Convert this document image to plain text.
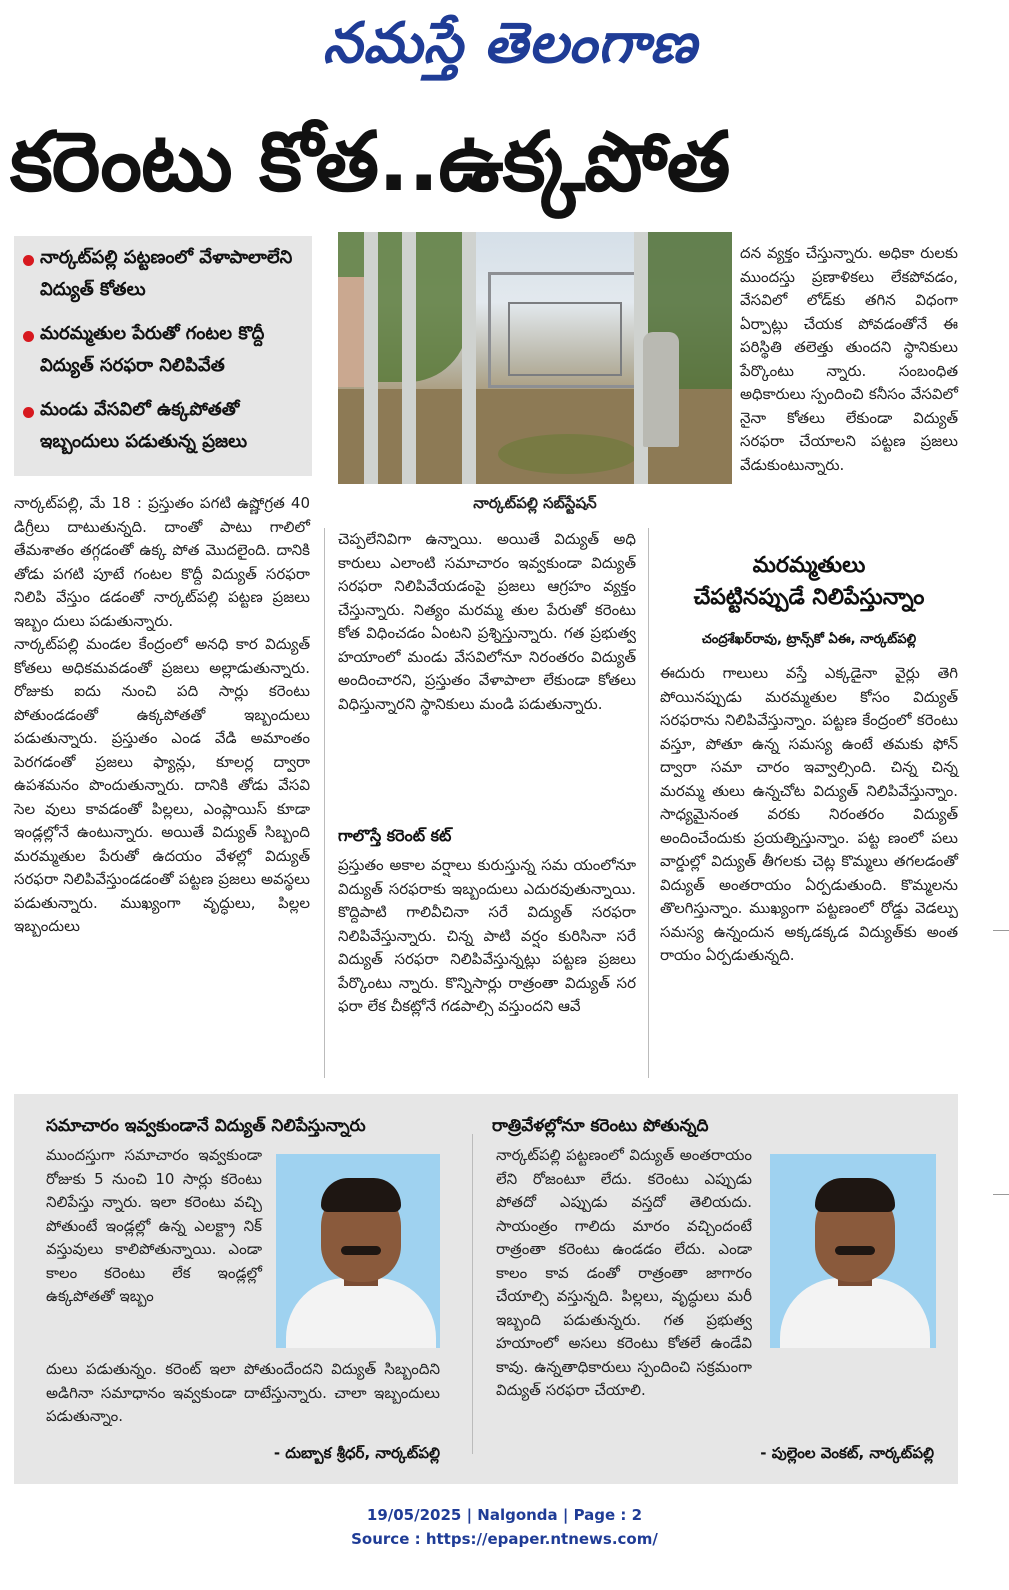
నమస్తే తెలంగాణ
కరెంటు కోత..ఉక్కపోత
నార్కట్‌పల్లి పట్టణంలో వేళాపాలాలేని విద్యుత్‌ కోతలు
మరమ్మతుల పేరుతో గంటల కొద్దీ విద్యుత్‌ సరఫరా నిలిపివేత
మండు వేసవిలో ఉక్కపోతతో ఇబ్బందులు పడుతున్న ప్రజలు
నార్కట్‌పల్లి సబ్‌స్టేషన్‌

నార్కట్‌పల్లి, మే 18 : ప్రస్తుతం పగటి ఉష్ణోగ్రత 40 డిగ్రీలు దాటుతున్నది. దాంతో పాటు గాలిలో తేమశాతం తగ్గడంతో ఉక్క పోత మొదలైంది. దానికి తోడు పగటి పూటే గంటల కొద్దీ విద్యుత్‌ సరఫరా నిలిపి వేస్తుం డడంతో నార్కట్‌పల్లి పట్టణ ప్రజలు ఇబ్బం దులు పడుతున్నారు.

నార్కట్‌పల్లి మండల కేంద్రంలో అనధి కార విద్యుత్‌ కోతలు అధికమవడంతో ప్రజలు అల్లాడుతున్నారు. రోజుకు ఐదు నుంచి పది సార్లు కరెంటు పోతుండడంతో ఉక్కపోతతో ఇబ్బందులు పడుతున్నారు. ప్రస్తుతం ఎండ వేడి అమాంతం పెరగడంతో ప్రజలు ఫ్యాన్లు, కూలర్ల ద్వారా ఉపశమనం పొందుతున్నారు. దానికి తోడు వేసవి సెల వులు కావడంతో పిల్లలు, ఎంప్లాయిస్‌ కూడా ఇండ్లల్లోనే ఉంటున్నారు. అయితే విద్యుత్‌ సిబ్బంది మరమ్మతుల పేరుతో ఉదయం వేళల్లో విద్యుత్‌ సరఫరా నిలిపివేస్తుండడంతో పట్టణ ప్రజలు అవస్థలు పడుతున్నారు. ముఖ్యంగా వృద్ధులు, పిల్లల ఇబ్బందులు

చెప్పలేనివిగా ఉన్నాయి. అయితే విద్యుత్‌ అధి కారులు ఎలాంటి సమాచారం ఇవ్వకుండా విద్యుత్‌ సరఫరా నిలిపివేయడంపై ప్రజలు ఆగ్రహం వ్యక్తం చేస్తున్నారు. నిత్యం మరమ్మ తుల పేరుతో కరెంటు కోత విధించడం ఏంటని ప్రశ్నిస్తున్నారు. గత ప్రభుత్వ హయాంలో మండు వేసవిలోనూ నిరంతరం విద్యుత్‌ అందించారని, ప్రస్తుతం వేళాపాలా లేకుండా కోతలు విధిస్తున్నారని స్థానికులు మండి పడుతున్నారు.
గాలొస్తే కరెంట్‌ కట్‌
ప్రస్తుతం అకాల వర్షాలు కురుస్తున్న సమ యంలోనూ విద్యుత్‌ సరఫరాకు ఇబ్బందులు ఎదురవుతున్నాయి. కొద్దిపాటి గాలివీచినా సరే విద్యుత్‌ సరఫరా నిలిపివేస్తున్నారు. చిన్న పాటి వర్షం కురిసినా సరే విద్యుత్‌ సరఫరా నిలిపివేస్తున్నట్లు పట్టణ ప్రజలు పేర్కొంటు న్నారు. కొన్నిసార్లు రాత్రంతా విద్యుత్‌ సర ఫరా లేక చీకట్లోనే గడపాల్సి వస్తుందని ఆవే
దన వ్యక్తం చేస్తున్నారు. అధికా రులకు ముందస్తు ప్రణాళికలు లేకపోవడం, వేసవిలో లోడ్‌కు తగిన విధంగా ఏర్పాట్లు చేయక పోవడంతోనే ఈ పరిస్థితి తలెత్తు తుందని స్థానికులు పేర్కొంటు న్నారు. సంబంధిత అధికారులు స్పందించి కనీసం వేసవిలో నైనా కోతలు లేకుండా విద్యుత్‌ సరఫరా చేయాలని పట్టణ ప్రజలు వేడుకుంటున్నారు.
మరమ్మతులు
చేపట్టినప్పుడే నిలిపేస్తున్నాం
చంద్రశేఖర్‌రావు, ట్రాన్స్‌కో ఏఈ, నార్కట్‌పల్లి
ఈదురు గాలులు వస్తే ఎక్కడైనా వైర్లు తెగి పోయినప్పుడు మరమ్మతుల కోసం విద్యుత్‌ సరఫరాను నిలిపివేస్తున్నాం. పట్టణ కేంద్రంలో కరెంటు వస్తూ, పోతూ ఉన్న సమస్య ఉంటే తమకు ఫోన్‌ ద్వారా సమా చారం ఇవ్వాల్సింది. చిన్న చిన్న మరమ్మ తులు ఉన్నచోట విద్యుత్‌ నిలిపివేస్తున్నాం. సాధ్యమైనంత వరకు నిరంతరం విద్యుత్‌ అందించేందుకు ప్రయత్నిస్తున్నాం. పట్ట ణంలో పలు వార్డుల్లో విద్యుత్‌ తీగలకు చెట్ల కొమ్మలు తగలడంతో విద్యుత్‌ అంతరాయం ఏర్పడుతుంది. కొమ్మలను తొలగిస్తున్నాం. ముఖ్యంగా పట్టణంలో రోడ్డు వెడల్పు సమస్య ఉన్నందున అక్కడక్కడ విద్యుత్‌కు అంత రాయం ఏర్పడుతున్నది.
సమాచారం ఇవ్వకుండానే విద్యుత్‌ నిలిపేస్తున్నారు
ముందస్తుగా సమాచారం ఇవ్వకుండా రోజుకు 5 నుంచి 10 సార్లు కరెంటు నిలిపేస్తు న్నారు. ఇలా కరెంటు వచ్చి పోతుంటే ఇండ్లల్లో ఉన్న ఎలక్ట్రా నిక్‌ వస్తువులు కాలిపోతున్నాయి. ఎండా కాలం కరెంటు లేక ఇండ్లల్లో ఉక్కపోతతో ఇబ్బం
దులు పడుతున్నం. కరెంట్‌ ఇలా పోతుందేందని విద్యుత్‌ సిబ్బందిని అడిగినా సమాధానం ఇవ్వకుండా దాటేస్తున్నారు. చాలా ఇబ్బందులు పడుతున్నాం.
- దుబ్బాక శ్రీధర్‌, నార్కట్‌పల్లి
రాత్రివేళల్లోనూ కరెంటు పోతున్నది
నార్కట్‌పల్లి పట్టణంలో విద్యుత్‌ అంతరాయం లేని రోజంటూ లేదు. కరెంటు ఎప్పుడు పోతదో ఎప్పుడు వస్తదో తెలియదు. సాయంత్రం గాలిదు మారం వచ్చిందంటే రాత్రంతా కరెంటు ఉండడం లేదు. ఎండా కాలం కావ డంతో రాత్రంతా జాగారం చేయాల్సి వస్తున్నది. పిల్లలు, వృద్ధులు మరీ ఇబ్బంది పడుతున్నరు. గత ప్రభుత్వ హయాంలో అసలు కరెంటు కోతలే ఉండేవి కావు. ఉన్నతాధికారులు స్పందించి సక్రమంగా విద్యుత్‌ సరఫరా చేయాలి.
- పుల్లెంల వెంకట్‌, నార్కట్‌పల్లి
19/05/2025 | Nalgonda | Page : 2
Source : https://epaper.ntnews.com/
